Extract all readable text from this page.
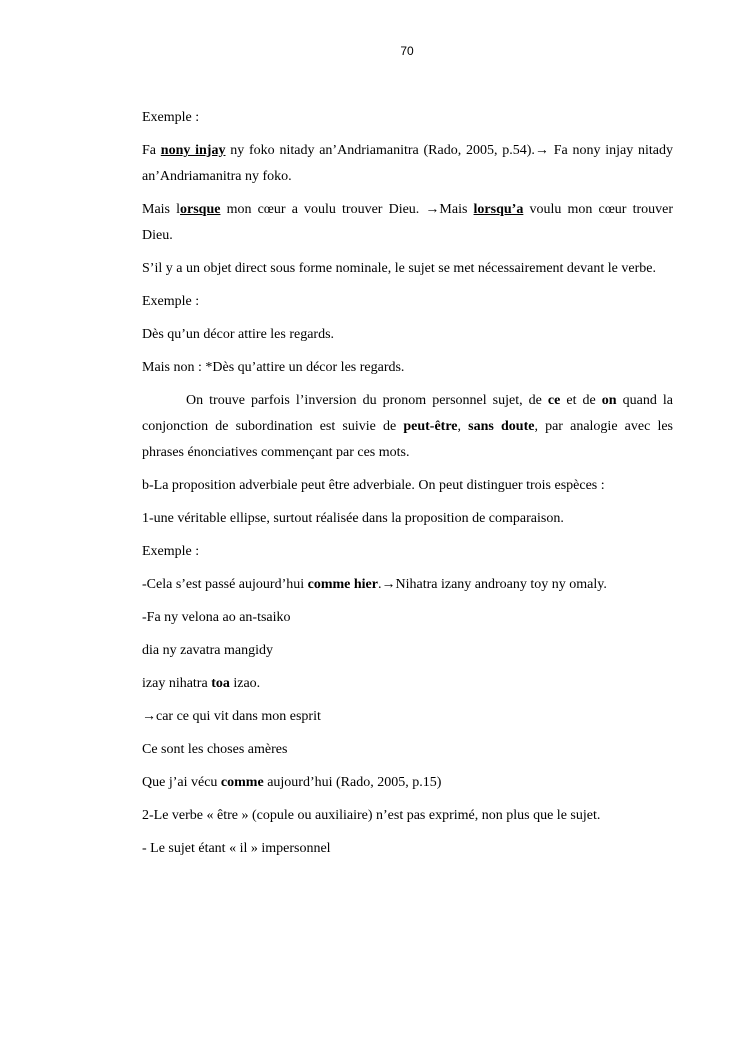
70

Exemple :

Fa nony injay ny foko nitady an’Andriamanitra (Rado, 2005, p.54).→ Fa nony injay nitady an’Andriamanitra ny foko.

Mais lorsque mon cœur a voulu trouver Dieu. →Mais lorsqu’a voulu mon cœur trouver Dieu.

S’il y a un objet direct sous forme nominale, le sujet se met nécessairement devant le verbe.

Exemple :

Dès qu’un décor attire les regards.

Mais non : *Dès qu’attire un décor les regards.

On trouve parfois l’inversion du pronom personnel sujet, de ce et de on quand la conjonction de subordination est suivie de peut-être, sans doute, par analogie avec les phrases énonciatives commençant par ces mots.

b-La proposition adverbiale peut être adverbiale. On peut distinguer trois espèces :

1-une véritable ellipse, surtout réalisée dans la proposition de comparaison.

Exemple :

-Cela s’est passé aujourd’hui comme hier.→Nihatra izany androany toy ny omaly.

-Fa ny velona ao an-tsaiko

dia ny zavatra mangidy

izay nihatra toa izao.

→car ce qui vit dans mon esprit

Ce sont les choses amères

Que j’ai vécu comme aujourd’hui (Rado, 2005, p.15)

2-Le verbe « être » (copule ou auxiliaire) n’est pas exprimé, non plus que le sujet.

- Le sujet étant « il » impersonnel
